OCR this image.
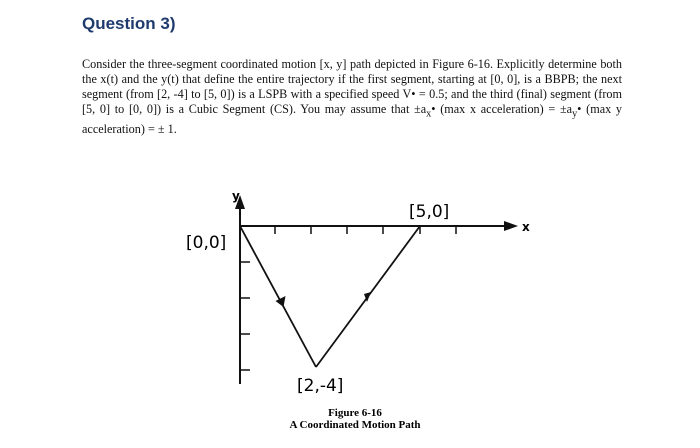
Question 3)
Consider the three-segment coordinated motion [x, y] path depicted in Figure 6-16. Explicitly determine both the x(t) and the y(t) that define the entire trajectory if the first segment, starting at [0, 0], is a BBPB; the next segment (from [2, -4] to [5, 0]) is a LSPB with a specified speed V• = 0.5; and the third (final) segment (from [5, 0] to [0, 0]) is a Cubic Segment (CS). You may assume that $\pm a_x•$ (max x acceleration) = $\pm a_y•$ (max y acceleration) = ± 1.
y
x
[0,0]
[5,0]
[2,-4]
Figure 6-16
A Coordinated Motion Path
